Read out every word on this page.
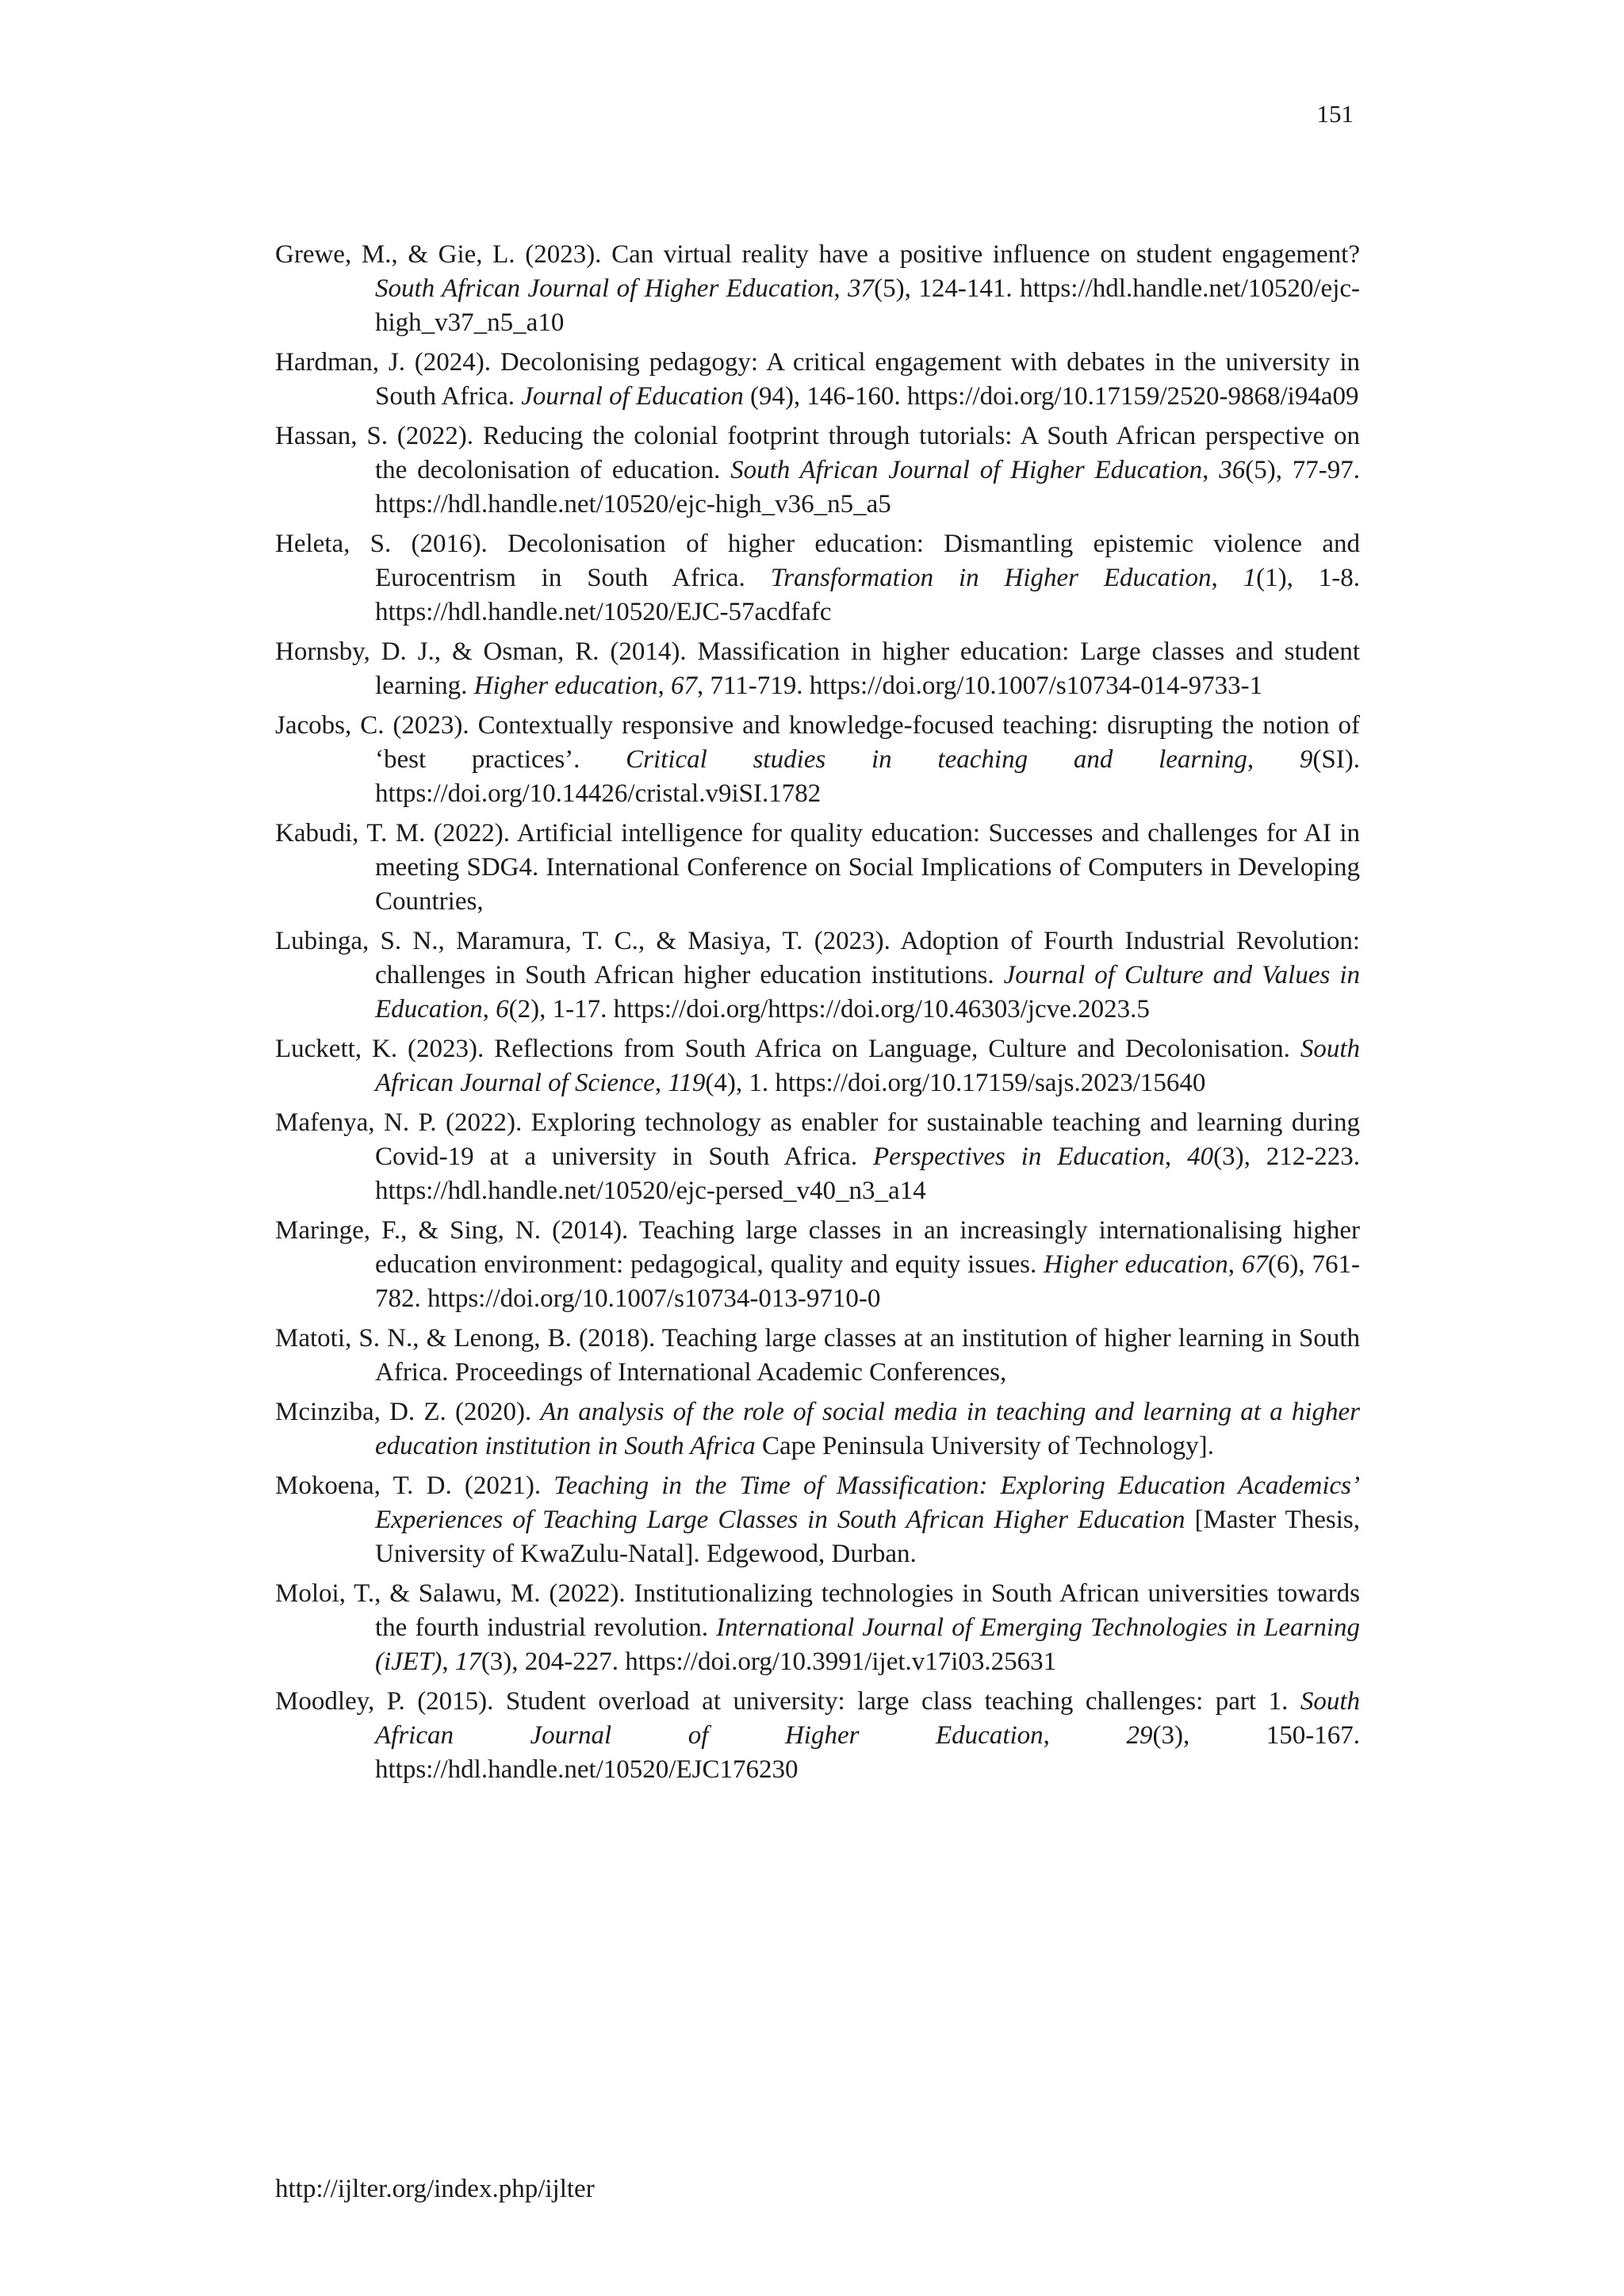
151

Grewe, M., & Gie, L. (2023). Can virtual reality have a positive influence on student engagement? South African Journal of Higher Education, 37(5), 124-141. https://hdl.handle.net/10520/ejc-high_v37_n5_a10

Hardman, J. (2024). Decolonising pedagogy: A critical engagement with debates in the university in South Africa. Journal of Education (94), 146-160. https://doi.org/10.17159/2520-9868/i94a09

Hassan, S. (2022). Reducing the colonial footprint through tutorials: A South African perspective on the decolonisation of education. South African Journal of Higher Education, 36(5), 77-97. https://hdl.handle.net/10520/ejc-high_v36_n5_a5

Heleta, S. (2016). Decolonisation of higher education: Dismantling epistemic violence and Eurocentrism in South Africa. Transformation in Higher Education, 1(1), 1-8. https://hdl.handle.net/10520/EJC-57acdfafc

Hornsby, D. J., & Osman, R. (2014). Massification in higher education: Large classes and student learning. Higher education, 67, 711-719. https://doi.org/10.1007/s10734-014-9733-1

Jacobs, C. (2023). Contextually responsive and knowledge-focused teaching: disrupting the notion of ‘best practices’. Critical studies in teaching and learning, 9(SI). https://doi.org/10.14426/cristal.v9iSI.1782

Kabudi, T. M. (2022). Artificial intelligence for quality education: Successes and challenges for AI in meeting SDG4. International Conference on Social Implications of Computers in Developing Countries,

Lubinga, S. N., Maramura, T. C., & Masiya, T. (2023). Adoption of Fourth Industrial Revolution: challenges in South African higher education institutions. Journal of Culture and Values in Education, 6(2), 1-17. https://doi.org/https://doi.org/10.46303/jcve.2023.5

Luckett, K. (2023). Reflections from South Africa on Language, Culture and Decolonisation. South African Journal of Science, 119(4), 1. https://doi.org/10.17159/sajs.2023/15640

Mafenya, N. P. (2022). Exploring technology as enabler for sustainable teaching and learning during Covid-19 at a university in South Africa. Perspectives in Education, 40(3), 212-223. https://hdl.handle.net/10520/ejc-persed_v40_n3_a14

Maringe, F., & Sing, N. (2014). Teaching large classes in an increasingly internationalising higher education environment: pedagogical, quality and equity issues. Higher education, 67(6), 761-782. https://doi.org/10.1007/s10734-013-9710-0

Matoti, S. N., & Lenong, B. (2018). Teaching large classes at an institution of higher learning in South Africa. Proceedings of International Academic Conferences,

Mcinziba, D. Z. (2020). An analysis of the role of social media in teaching and learning at a higher education institution in South Africa Cape Peninsula University of Technology].

Mokoena, T. D. (2021). Teaching in the Time of Massification: Exploring Education Academics’ Experiences of Teaching Large Classes in South African Higher Education [Master Thesis, University of KwaZulu-Natal]. Edgewood, Durban.

Moloi, T., & Salawu, M. (2022). Institutionalizing technologies in South African universities towards the fourth industrial revolution. International Journal of Emerging Technologies in Learning (iJET), 17(3), 204-227. https://doi.org/10.3991/ijet.v17i03.25631

Moodley, P. (2015). Student overload at university: large class teaching challenges: part 1. South African Journal of Higher Education, 29(3), 150-167. https://hdl.handle.net/10520/EJC176230

http://ijlter.org/index.php/ijlter
